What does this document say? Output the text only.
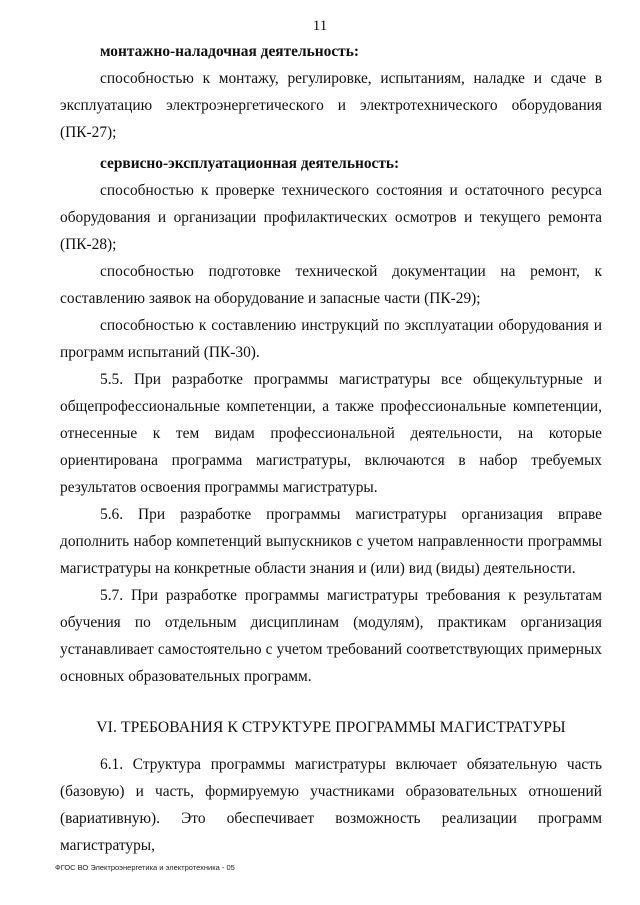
11

монтажно-наладочная деятельность:

способностью к монтажу, регулировке, испытаниям, наладке и сдаче в эксплуатацию электроэнергетического и электротехнического оборудования (ПК-27);

сервисно-эксплуатационная деятельность:

способностью к проверке технического состояния и остаточного ресурса оборудования и организации профилактических осмотров и текущего ремонта (ПК-28);

способностью подготовке технической документации на ремонт, к составлению заявок на оборудование и запасные части (ПК-29);

способностью к составлению инструкций по эксплуатации оборудования и программ испытаний (ПК-30).

5.5. При разработке программы магистратуры все общекультурные и общепрофессиональные компетенции, а также профессиональные компетенции, отнесенные к тем видам профессиональной деятельности, на которые ориентирована программа магистратуры, включаются в набор требуемых результатов освоения программы магистратуры.

5.6. При разработке программы магистратуры организация вправе дополнить набор компетенций выпускников с учетом направленности программы магистратуры на конкретные области знания и (или) вид (виды) деятельности.

5.7. При разработке программы магистратуры требования к результатам обучения по отдельным дисциплинам (модулям), практикам организация устанавливает самостоятельно с учетом требований соответствующих примерных основных образовательных программ.

VI. ТРЕБОВАНИЯ К СТРУКТУРЕ ПРОГРАММЫ МАГИСТРАТУРЫ

6.1. Структура программы магистратуры включает обязательную часть (базовую) и часть, формируемую участниками образовательных отношений (вариативную). Это обеспечивает возможность реализации программ магистратуры,

ФГОС ВО Электроэнергетика и электротехника - 05
